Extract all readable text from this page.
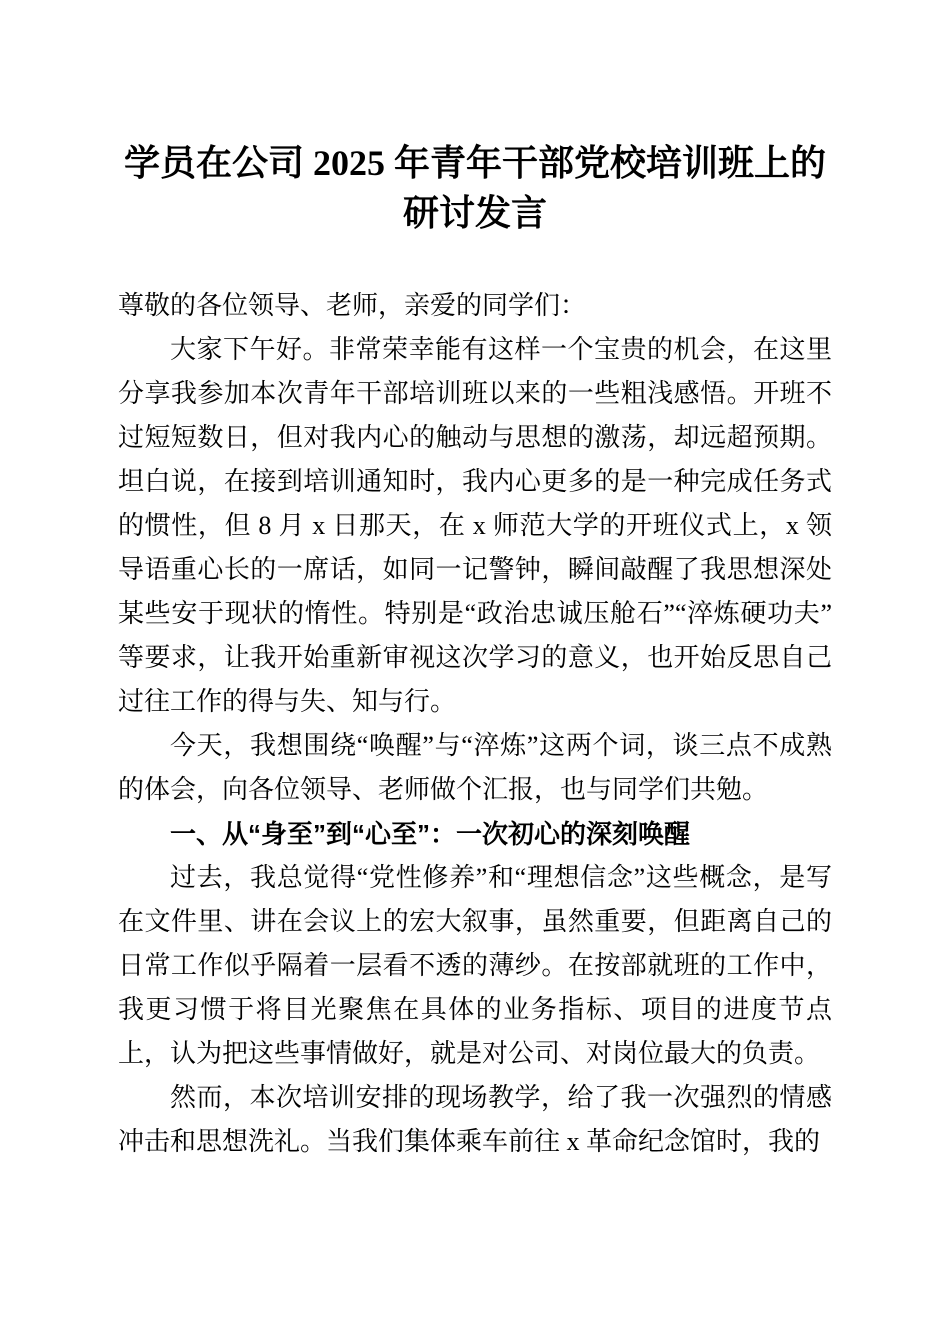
学员在公司 2025 年青年干部党校培训班上的
研讨发言

尊敬的各位领导、老师，亲爱的同学们：

大家下午好。非常荣幸能有这样一个宝贵的机会，在这里分享我参加本次青年干部培训班以来的一些粗浅感悟。开班不过短短数日，但对我内心的触动与思想的激荡，却远超预期。坦白说，在接到培训通知时，我内心更多的是一种完成任务式的惯性，但 8 月 x 日那天，在 x 师范大学的开班仪式上，x 领导语重心长的一席话，如同一记警钟，瞬间敲醒了我思想深处某些安于现状的惰性。特别是“政治忠诚压舱石”“淬炼硬功夫”等要求，让我开始重新审视这次学习的意义，也开始反思自己过往工作的得与失、知与行。

今天，我想围绕“唤醒”与“淬炼”这两个词，谈三点不成熟的体会，向各位领导、老师做个汇报，也与同学们共勉。

一、从“身至”到“心至”：一次初心的深刻唤醒

过去，我总觉得“党性修养”和“理想信念”这些概念，是写在文件里、讲在会议上的宏大叙事，虽然重要，但距离自己的日常工作似乎隔着一层看不透的薄纱。在按部就班的工作中，我更习惯于将目光聚焦在具体的业务指标、项目的进度节点上，认为把这些事情做好，就是对公司、对岗位最大的负责。

然而，本次培训安排的现场教学，给了我一次强烈的情感冲击和思想洗礼。当我们集体乘车前往 x 革命纪念馆时，我的
